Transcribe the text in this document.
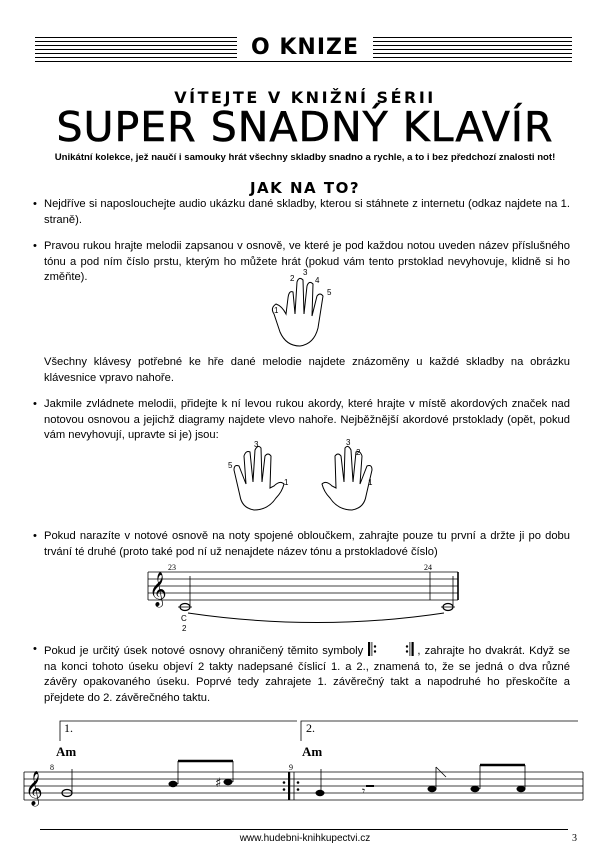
O KNIZE
VÍTEJTE V KNIŽNÍ SÉRII
SUPER SNADNÝ KLAVÍR
Unikátní kolekce, jež naučí i samouky hrát všechny skladby snadno a rychle, a to i bez předchozí znalosti not!
JAK NA TO?
• Nejdříve si naposlouchejte audio ukázku dané skladby, kterou si stáhnete z internetu (odkaz najdete na 1. straně).
• Pravou rukou hrajte melodii zapsanou v osnově, ve které je pod každou notou uveden název příslušného tónu a pod ním číslo prstu, kterým ho můžete hrát (pokud vám tento prstoklad nevyhovuje, klidně si ho změňte).
1
2
3
4
5
Všechny klávesy potřebné ke hře dané melodie najdete znázoměny u každé skladby na obrázku klávesnice vpravo nahoře.
• Jakmile zvládnete melodii, přidejte k ní levou rukou akordy, které hrajte v místě akordových značek nad notovou osnovou a jejichž diagramy najdete vlevo nahoře. Nejběžnější akordové prstoklady (opět, pokud vám nevyhovují, upravte si je) jsou:
5
3
1
3
2
1
• Pokud narazíte v notové osnově na noty spojené obloučkem, zahrajte pouze tu první a držte ji po dobu trvání té druhé (proto také pod ní už nenajdete název tónu a prstokladové číslo)
𝄞
23	24
C
2
• Pokud je určitý úsek notové osnovy ohraničený těmito symboly	, zahrajte ho dvakrát. Když se na konci tohoto úseku objeví 2 takty nadepsané číslicí 1. a 2., znamená to, že se jedná o dva různé závěry opakovaného úseku. Poprvé tedy zahrajete 1. závěrečný takt a napodruhé ho přeskočíte a přejdete do 2. závěrečného taktu.
♯	𝄾
𝄞
1.	2.
Am	Am
8	9
www.hudebni-knihkupectvi.cz	3
